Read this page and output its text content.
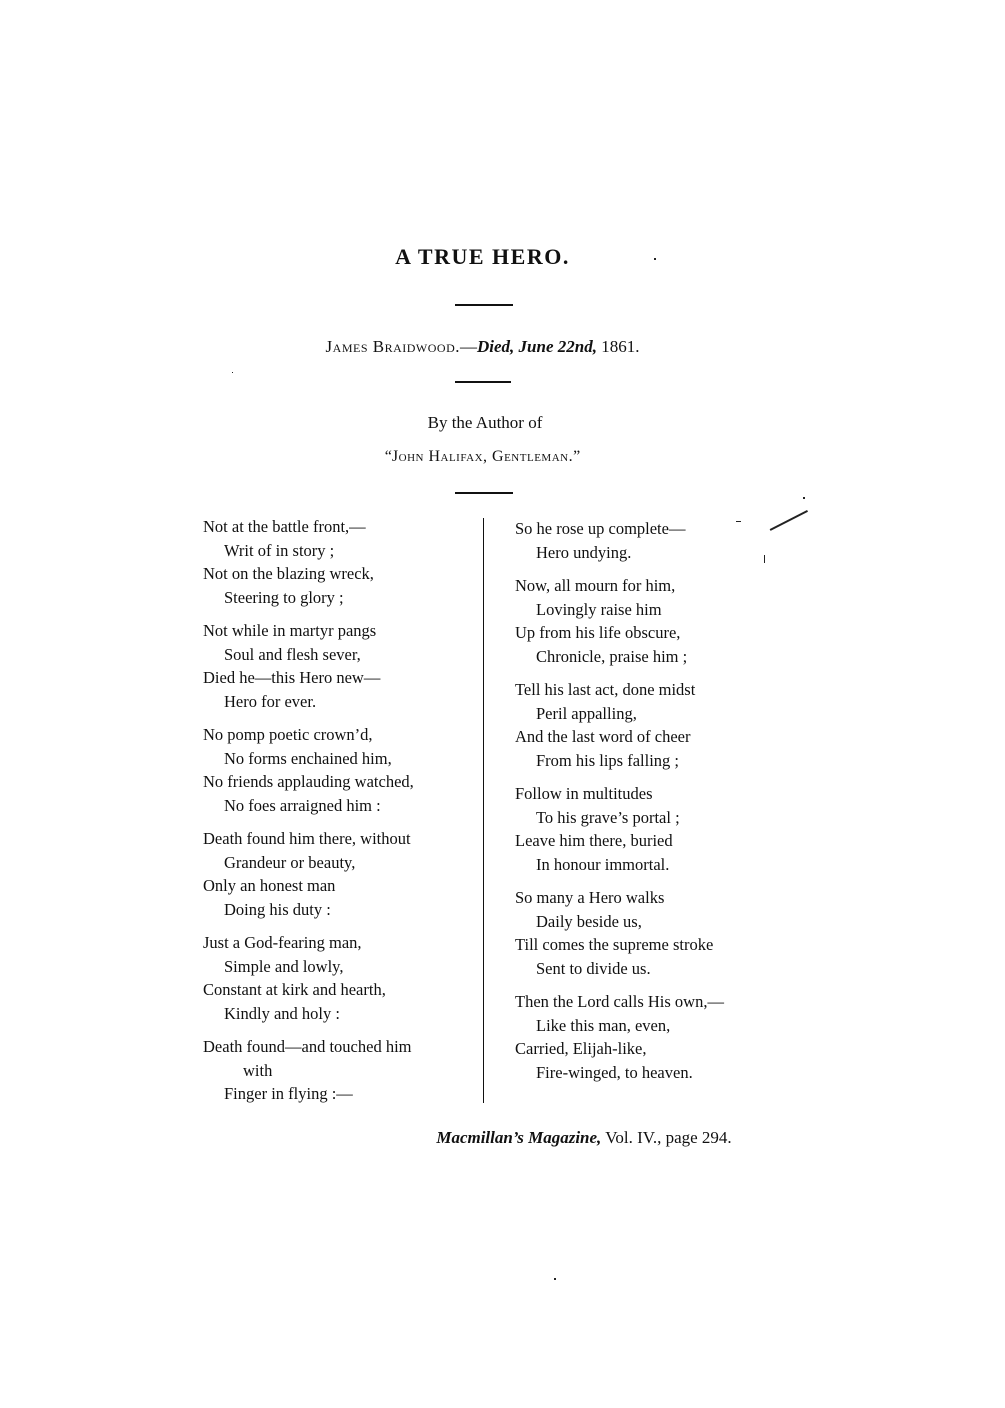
A TRUE HERO.
James Braidwood.—Died, June 22nd, 1861.
By the Author of
“John Halifax, Gentleman.”
Not at the battle front,—
Writ of in story ;
Not on the blazing wreck,
Steering to glory ;
Not while in martyr pangs
Soul and flesh sever,
Died he—this Hero new—
Hero for ever.
No pomp poetic crown’d,
No forms enchained him,
No friends applauding watched,
No foes arraigned him :
Death found him there, without
Grandeur or beauty,
Only an honest man
Doing his duty :
Just a God-fearing man,
Simple and lowly,
Constant at kirk and hearth,
Kindly and holy :
Death found—and touched him
with
Finger in flying :—
So he rose up complete—
Hero undying.
Now, all mourn for him,
Lovingly raise him
Up from his life obscure,
Chronicle, praise him ;
Tell his last act, done midst
Peril appalling,
And the last word of cheer
From his lips falling ;
Follow in multitudes
To his grave’s portal ;
Leave him there, buried
In honour immortal.
So many a Hero walks
Daily beside us,
Till comes the supreme stroke
Sent to divide us.
Then the Lord calls His own,—
Like this man, even,
Carried, Elijah-like,
Fire-winged, to heaven.
Macmillan’s Magazine, Vol. IV., page 294.
